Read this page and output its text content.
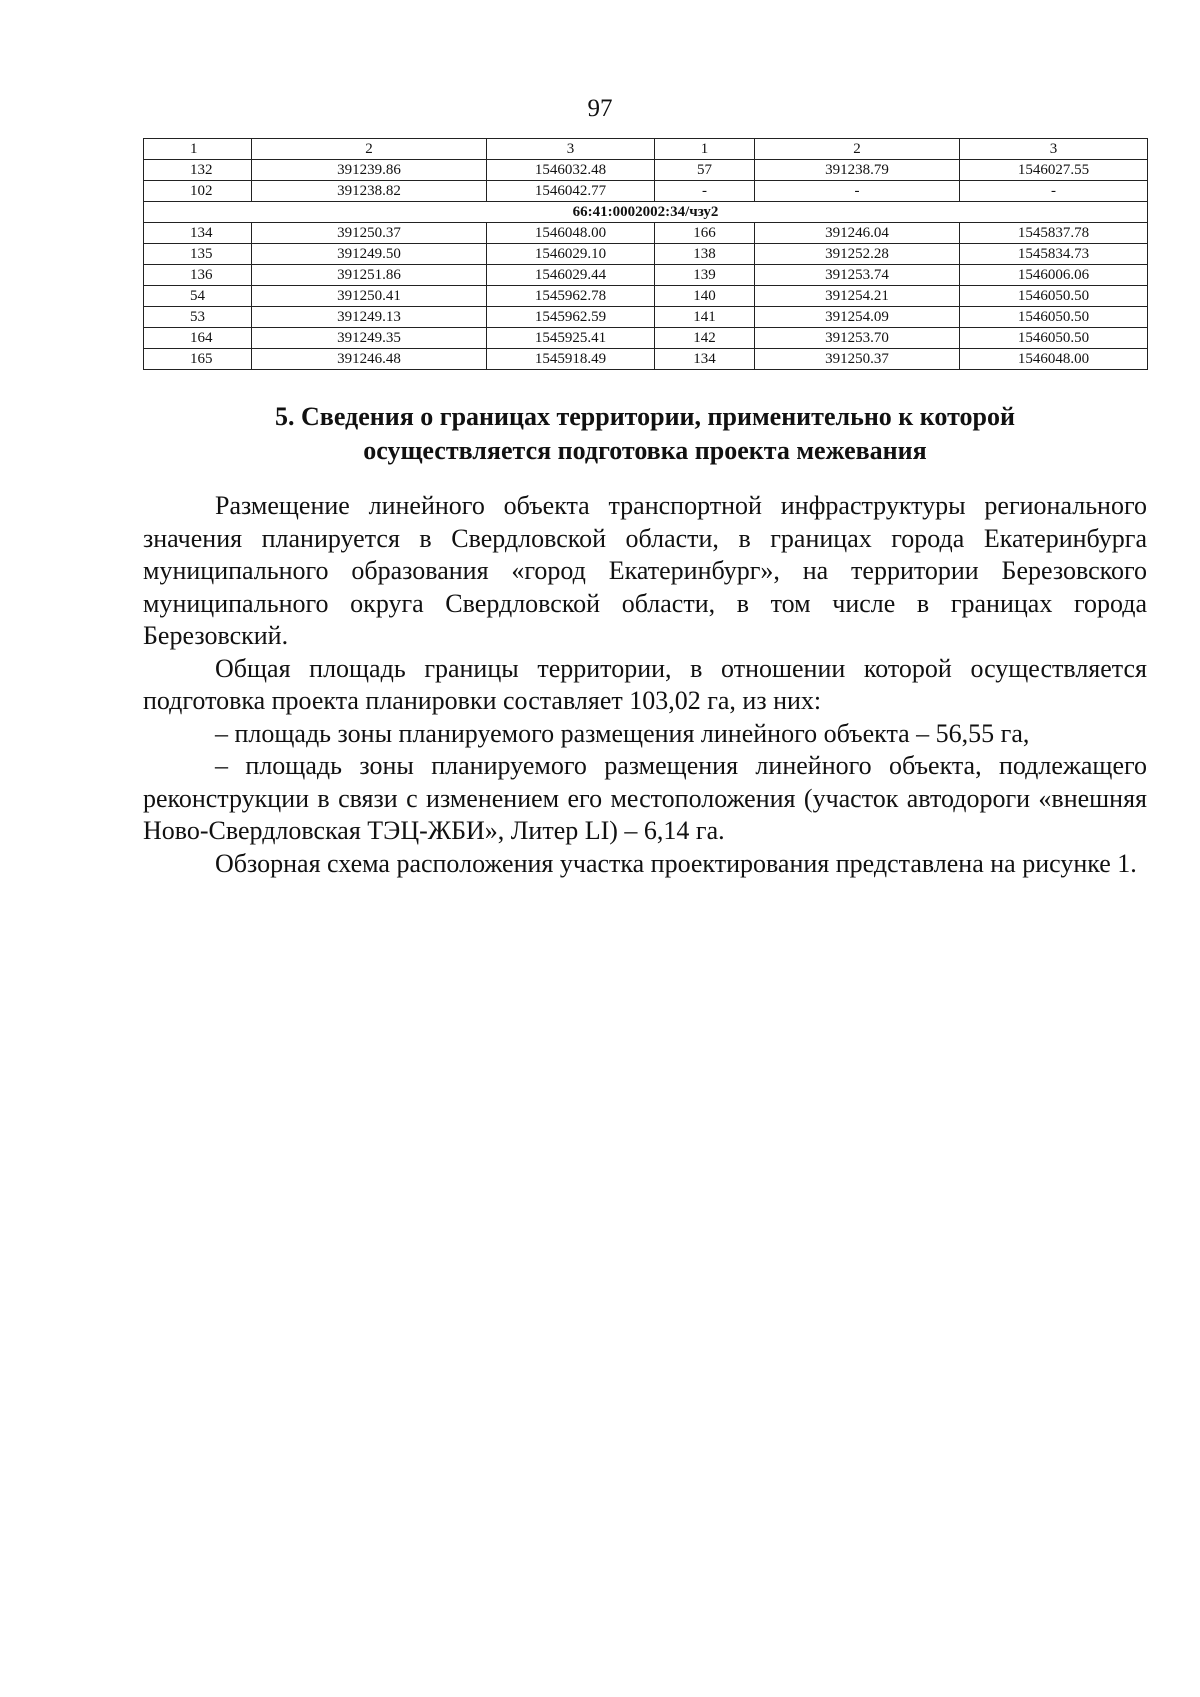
97
1	2	3	1	2	3
132	391239.86	1546032.48	57	391238.79	1546027.55
102	391238.82	1546042.77	-	-	-
66:41:0002002:34/чзу2					
134	391250.37	1546048.00	166	391246.04	1545837.78
135	391249.50	1546029.10	138	391252.28	1545834.73
136	391251.86	1546029.44	139	391253.74	1546006.06
54	391250.41	1545962.78	140	391254.21	1546050.50
53	391249.13	1545962.59	141	391254.09	1546050.50
164	391249.35	1545925.41	142	391253.70	1546050.50
165	391246.48	1545918.49	134	391250.37	1546048.00
5. Сведения о границах территории, применительно к которой
осуществляется подготовка проекта межевания

Размещение линейного объекта транспортной инфраструктуры регионального значения планируется в Свердловской области, в границах города Екатеринбурга муниципального образования «город Екатеринбург», на территории Березовского муниципального округа Свердловской области, в том числе в границах города Березовский.

Общая площадь границы территории, в отношении которой осуществляется подготовка проекта планировки составляет 103,02 га, из них:

– площадь зоны планируемого размещения линейного объекта – 56,55 га,

– площадь зоны планируемого размещения линейного объекта, подлежащего реконструкции в связи с изменением его местоположения (участок автодороги «внешняя Ново-Свердловская ТЭЦ-ЖБИ», Литер LI) – 6,14 га.

Обзорная схема расположения участка проектирования представлена на рисунке 1.
